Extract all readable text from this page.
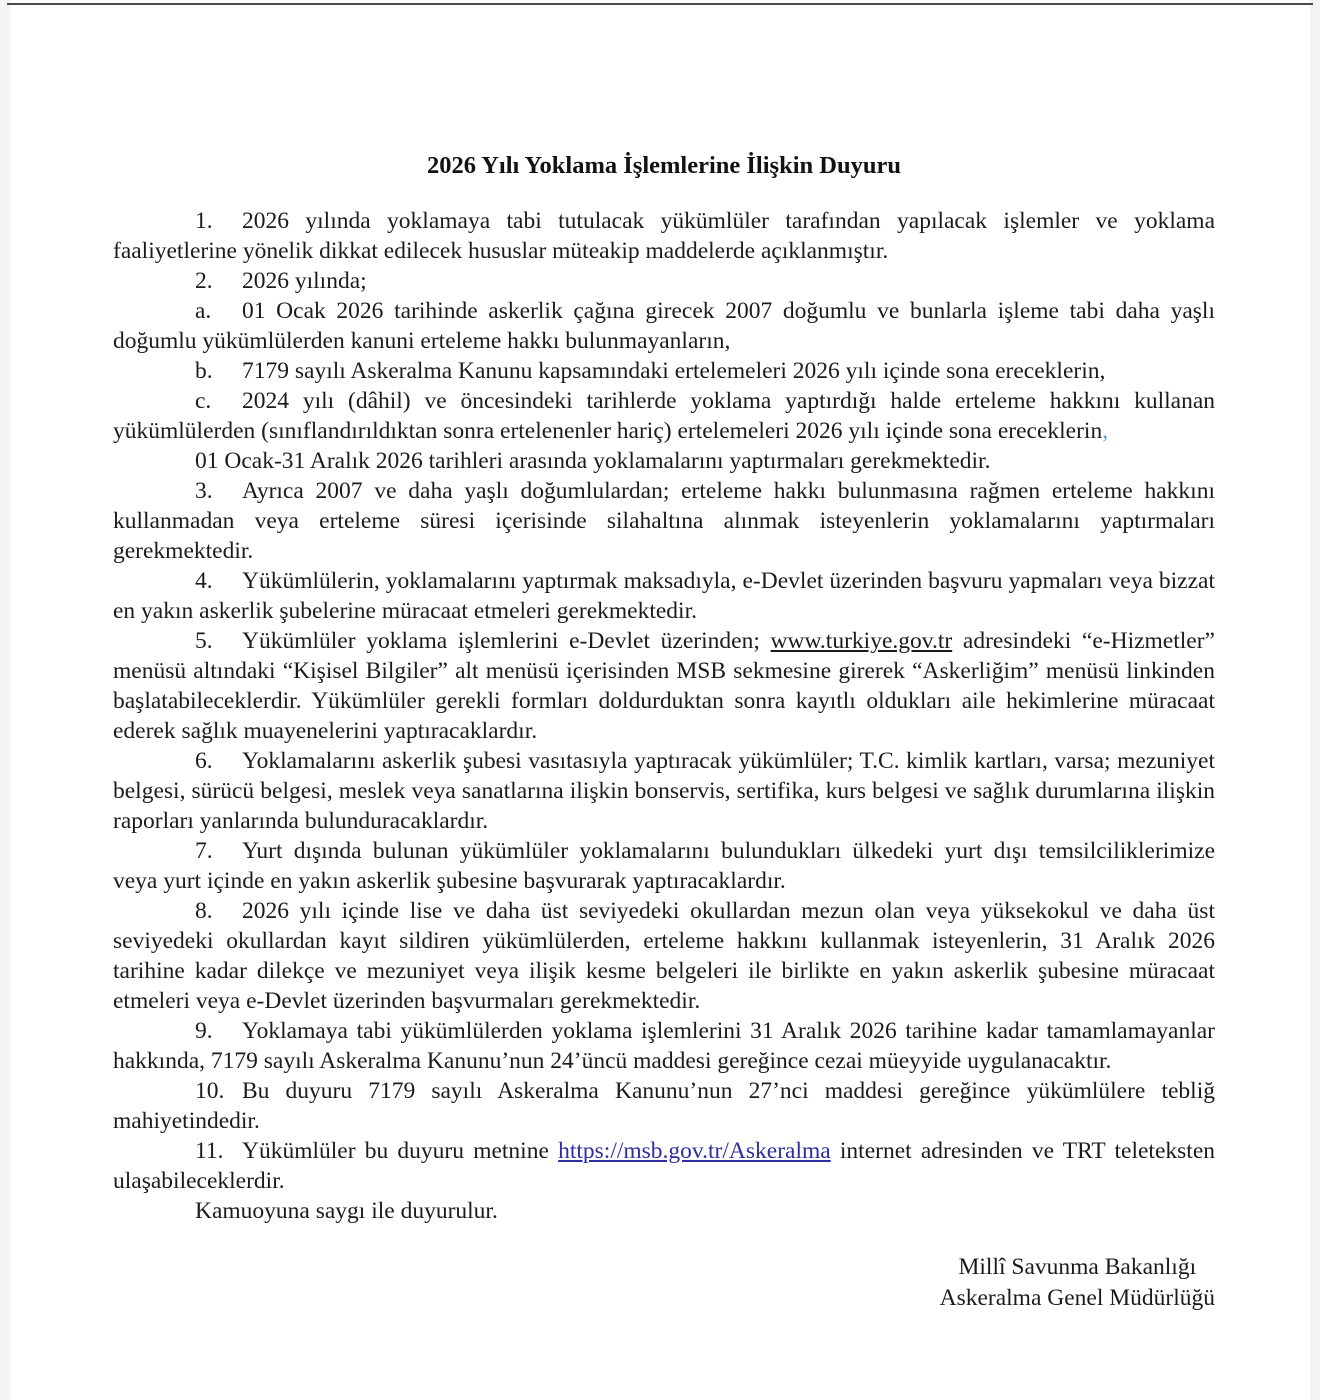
2026 Yılı Yoklama İşlemlerine İlişkin Duyuru

1. 2026 yılında yoklamaya tabi tutulacak yükümlüler tarafından yapılacak işlemler ve yoklama faaliyetlerine yönelik dikkat edilecek hususlar müteakip maddelerde açıklanmıştır.

2. 2026 yılında;

a. 01 Ocak 2026 tarihinde askerlik çağına girecek 2007 doğumlu ve bunlarla işleme tabi daha yaşlı doğumlu yükümlülerden kanuni erteleme hakkı bulunmayanların,

b. 7179 sayılı Askeralma Kanunu kapsamındaki ertelemeleri 2026 yılı içinde sona ereceklerin,

c. 2024 yılı (dâhil) ve öncesindeki tarihlerde yoklama yaptırdığı halde erteleme hakkını kullanan yükümlülerden (sınıflandırıldıktan sonra ertelenenler hariç) ertelemeleri 2026 yılı içinde sona ereceklerin,

01 Ocak-31 Aralık 2026 tarihleri arasında yoklamalarını yaptırmaları gerekmektedir.

3. Ayrıca 2007 ve daha yaşlı doğumlulardan; erteleme hakkı bulunmasına rağmen erteleme hakkını kullanmadan veya erteleme süresi içerisinde silahaltına alınmak isteyenlerin yoklamalarını yaptırmaları gerekmektedir.

4. Yükümlülerin, yoklamalarını yaptırmak maksadıyla, e-Devlet üzerinden başvuru yapmaları veya bizzat en yakın askerlik şubelerine müracaat etmeleri gerekmektedir.

5. Yükümlüler yoklama işlemlerini e-Devlet üzerinden; www.turkiye.gov.tr adresindeki “e-Hizmetler” menüsü altındaki “Kişisel Bilgiler” alt menüsü içerisinden MSB sekmesine girerek “Askerliğim” menüsü linkinden başlatabileceklerdir. Yükümlüler gerekli formları doldurduktan sonra kayıtlı oldukları aile hekimlerine müracaat ederek sağlık muayenelerini yaptıracaklardır.

6. Yoklamalarını askerlik şubesi vasıtasıyla yaptıracak yükümlüler; T.C. kimlik kartları, varsa; mezuniyet belgesi, sürücü belgesi, meslek veya sanatlarına ilişkin bonservis, sertifika, kurs belgesi ve sağlık durumlarına ilişkin raporları yanlarında bulunduracaklardır.

7. Yurt dışında bulunan yükümlüler yoklamalarını bulundukları ülkedeki yurt dışı temsilciliklerimize veya yurt içinde en yakın askerlik şubesine başvurarak yaptıracaklardır.

8. 2026 yılı içinde lise ve daha üst seviyedeki okullardan mezun olan veya yüksekokul ve daha üst seviyedeki okullardan kayıt sildiren yükümlülerden, erteleme hakkını kullanmak isteyenlerin, 31 Aralık 2026 tarihine kadar dilekçe ve mezuniyet veya ilişik kesme belgeleri ile birlikte en yakın askerlik şubesine müracaat etmeleri veya e-Devlet üzerinden başvurmaları gerekmektedir.

9. Yoklamaya tabi yükümlülerden yoklama işlemlerini 31 Aralık 2026 tarihine kadar tamamlamayanlar hakkında, 7179 sayılı Askeralma Kanunu’nun 24’üncü maddesi gereğince cezai müeyyide uygulanacaktır.

10. Bu duyuru 7179 sayılı Askeralma Kanunu’nun 27’nci maddesi gereğince yükümlülere tebliğ mahiyetindedir.

11. Yükümlüler bu duyuru metnine https://msb.gov.tr/Askeralma internet adresinden ve TRT teleteksten ulaşabileceklerdir.

Kamuoyuna saygı ile duyurulur.

Millî Savunma Bakanlığı
Askeralma Genel Müdürlüğü
